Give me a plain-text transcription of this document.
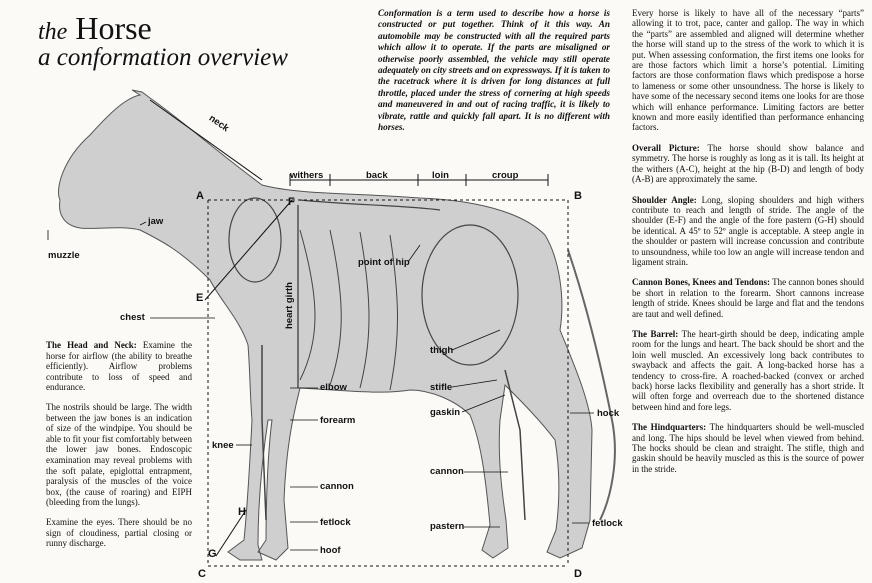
the Horse
a conformation overview
Conformation is a term used to describe how a horse is constructed or put together. Think of it this way. An automobile may be constructed with all the required parts which allow it to operate. If the parts are misaligned or otherwise poorly assembled, the vehicle may still operate adequately on city streets and on expressways. If it is taken to the racetrack where it is driven for long distances at full throttle, placed under the stress of cornering at high speeds and maneuvered in and out of racing traffic, it is likely to vibrate, rattle and quickly fall apart. It is no different with horses.

Every horse is likely to have all of the necessary “parts” allowing it to trot, pace, canter and gallop. The way in which the “parts” are assembled and aligned will determine whether the horse will stand up to the stress of the work to which it is put. When assessing conformation, the first items one looks for are those factors which limit a horse’s potential. Limiting factors are those conformation flaws which predispose a horse to lameness or some other unsoundness. The horse is likely to have some of the necessary second items one looks for are those which will enhance performance. Limiting factors are better known and more easily identified than performance enhancing factors.

Overall Picture: The horse should show balance and symmetry. The horse is roughly as long as it is tall. Its height at the withers (A-C), height at the hip (B-D) and length of body (A-B) are approximately the same.

Shoulder Angle: Long, sloping shoulders and high withers contribute to reach and length of stride. The angle of the shoulder (E-F) and the angle of the fore pastern (G-H) should be identical. A 45º to 52º angle is acceptable. A steep angle in the shoulder or pastern will increase concussion and contribute to unsoundness, while too low an angle will increase tendon and ligament strain.

Cannon Bones, Knees and Tendons: The cannon bones should be short in relation to the forearm. Short cannons increase length of stride. Knees should be large and flat and the tendons are taut and well defined.

The Barrel: The heart-girth should be deep, indicating ample room for the lungs and heart. The back should be short and the loin well muscled. An excessively long back contributes to swayback and affects the gait. A long-backed horse has a tendency to cross-fire. A roached-backed (convex or arched back) horse lacks flexibility and generally has a short stride. It will often forge and overreach due to the shortened distance between hind and fore legs.

The Hindquarters: The hindquarters should be well-muscled and long. The hips should be level when viewed from behind. The hocks should be clean and straight. The stifle, thigh and gaskin should be heavily muscled as this is the source of power in the stride.

The Head and Neck: Examine the horse for airflow (the ability to breathe efficiently). Airflow problems contribute to loss of speed and endurance.

The nostrils should be large. The width between the jaw bones is an indication of size of the windpipe. You should be able to fit your fist comfortably between the lower jaw bones. Endoscopic examination may reveal problems with the soft palate, epiglottal entrapment, paralysis of the muscles of the voice box, (the cause of roaring) and EIPH (bleeding from the lungs).

Examine the eyes. There should be no sign of cloudiness, partial closing or runny discharge.

neck
jaw
muzzle
chest
withers	back	loin	croup
point of hip
heart girth
thigh
stifle
gaskin	hock
cannon
pastern	fetlock
elbow
forearm
knee
cannon
fetlock
hoof
A	B
C	D
E
F
G
H
